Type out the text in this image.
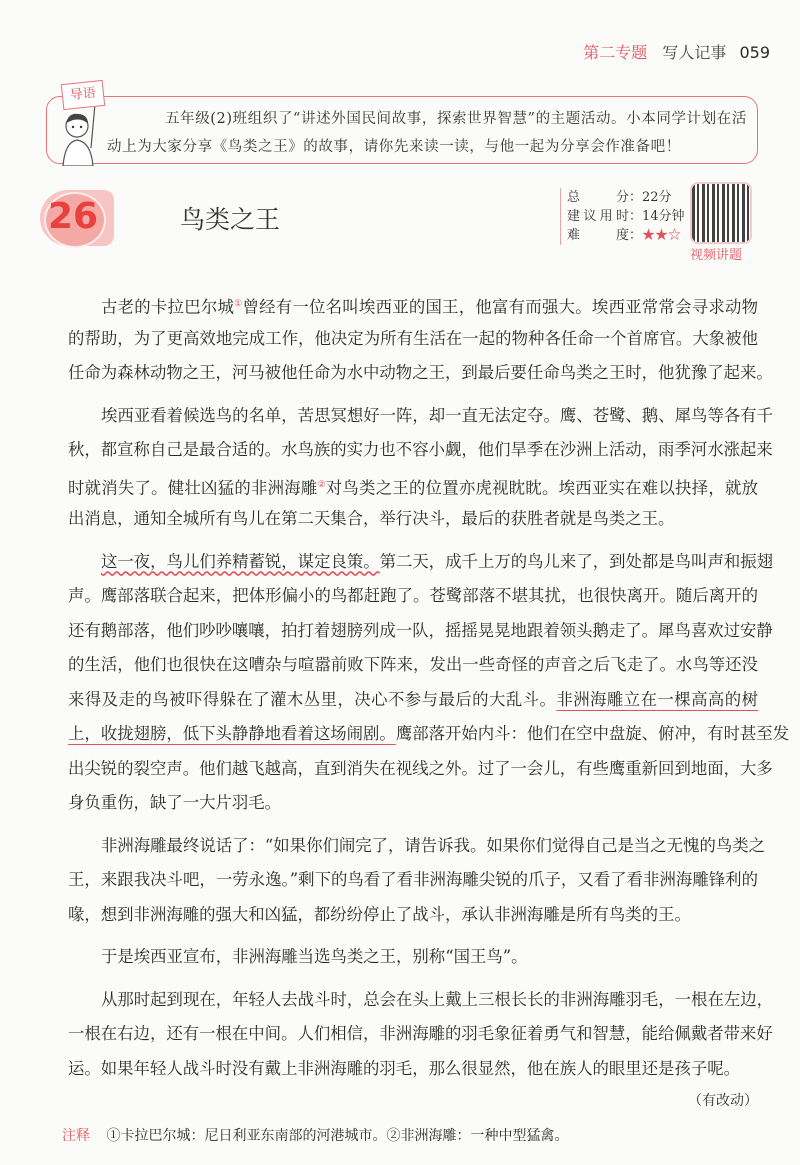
第二专题 写人记事 059
五年级(2)班组织了“讲述外国民间故事，探索世界智慧”的主题活动。小本同学计划在活
动上为大家分享《鸟类之王》的故事，请你先来读一读，与他一起为分享会作准备吧！
导语
26	鸟类之王
总分：22分
建议用时：14分钟
难度：★★☆
视频讲题
古老的卡拉巴尔城①曾经有一位名叫埃西亚的国王，他富有而强大。埃西亚常常会寻求动物
的帮助，为了更高效地完成工作，他决定为所有生活在一起的物种各任命一个首席官。大象被他
任命为森林动物之王，河马被他任命为水中动物之王，到最后要任命鸟类之王时，他犹豫了起来。
埃西亚看着候选鸟的名单，苦思冥想好一阵，却一直无法定夺。鹰、苍鹭、鹅、犀鸟等各有千
秋，都宣称自己是最合适的。水鸟族的实力也不容小觑，他们旱季在沙洲上活动，雨季河水涨起来
时就消失了。健壮凶猛的非洲海雕②对鸟类之王的位置亦虎视眈眈。埃西亚实在难以抉择，就放
出消息，通知全城所有鸟儿在第二天集合，举行决斗，最后的获胜者就是鸟类之王。
这一夜，鸟儿们养精蓄锐，谋定良策。第二天，成千上万的鸟儿来了，到处都是鸟叫声和振翅
声。鹰部落联合起来，把体形偏小的鸟都赶跑了。苍鹭部落不堪其扰，也很快离开。随后离开的
还有鹅部落，他们吵吵嚷嚷，拍打着翅膀列成一队，摇摇晃晃地跟着领头鹅走了。犀鸟喜欢过安静
的生活，他们也很快在这嘈杂与喧嚣前败下阵来，发出一些奇怪的声音之后飞走了。水鸟等还没
来得及走的鸟被吓得躲在了灌木丛里，决心不参与最后的大乱斗。非洲海雕立在一棵高高的树
上，收拢翅膀，低下头静静地看着这场闹剧。鹰部落开始内斗：他们在空中盘旋、俯冲，有时甚至发
出尖锐的裂空声。他们越飞越高，直到消失在视线之外。过了一会儿，有些鹰重新回到地面，大多
身负重伤，缺了一大片羽毛。
非洲海雕最终说话了：“如果你们闹完了，请告诉我。如果你们觉得自己是当之无愧的鸟类之
王，来跟我决斗吧，一劳永逸。”剩下的鸟看了看非洲海雕尖锐的爪子，又看了看非洲海雕锋利的
喙，想到非洲海雕的强大和凶猛，都纷纷停止了战斗，承认非洲海雕是所有鸟类的王。
于是埃西亚宣布，非洲海雕当选鸟类之王，别称“国王鸟”。
从那时起到现在，年轻人去战斗时，总会在头上戴上三根长长的非洲海雕羽毛，一根在左边，
一根在右边，还有一根在中间。人们相信，非洲海雕的羽毛象征着勇气和智慧，能给佩戴者带来好
运。如果年轻人战斗时没有戴上非洲海雕的羽毛，那么很显然，他在族人的眼里还是孩子呢。
（有改动）
注释 ①卡拉巴尔城：尼日利亚东南部的河港城市。②非洲海雕：一种中型猛禽。
